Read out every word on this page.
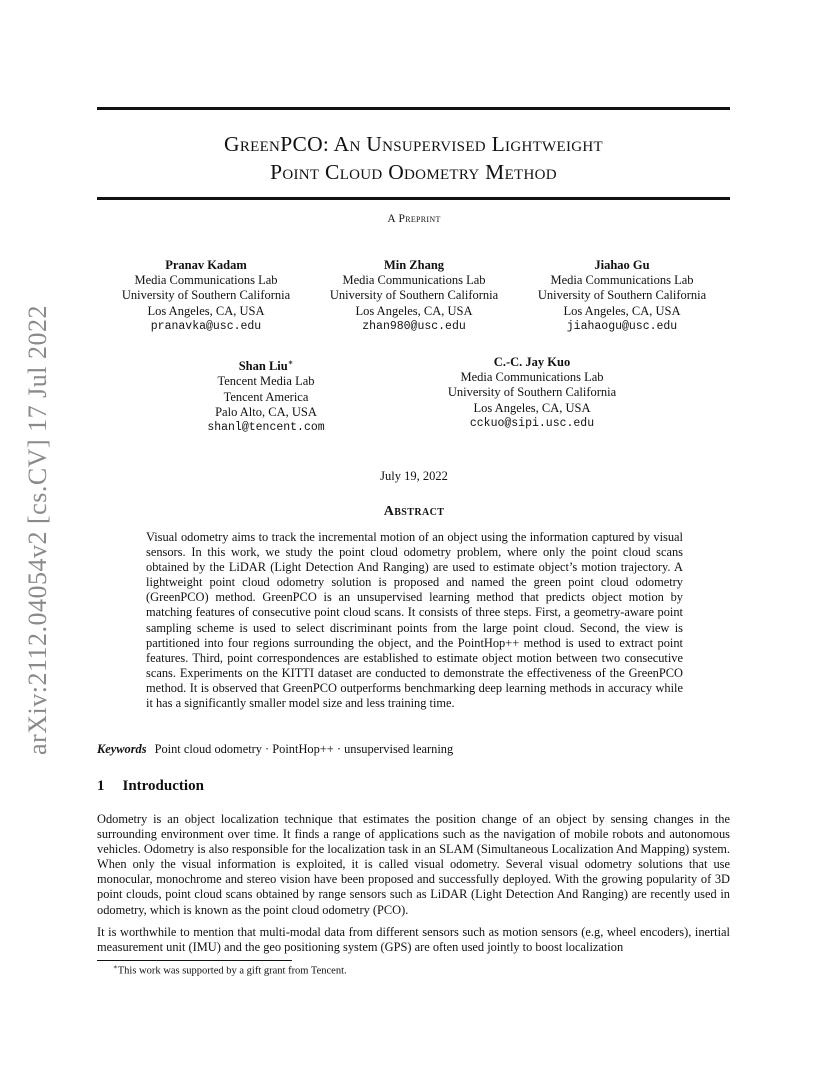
arXiv:2112.04054v2 [cs.CV] 17 Jul 2022
GreenPCO: An Unsupervised Lightweight
Point Cloud Odometry Method
A Preprint
Pranav Kadam
Media Communications Lab
University of Southern California
Los Angeles, CA, USA
pranavka@usc.edu
Min Zhang
Media Communications Lab
University of Southern California
Los Angeles, CA, USA
zhan980@usc.edu
Jiahao Gu
Media Communications Lab
University of Southern California
Los Angeles, CA, USA
jiahaogu@usc.edu
Shan Liu∗
Tencent Media Lab
Tencent America
Palo Alto, CA, USA
shanl@tencent.com
C.-C. Jay Kuo
Media Communications Lab
University of Southern California
Los Angeles, CA, USA
cckuo@sipi.usc.edu
July 19, 2022
Abstract
Visual odometry aims to track the incremental motion of an object using the information captured by visual sensors. In this work, we study the point cloud odometry problem, where only the point cloud scans obtained by the LiDAR (Light Detection And Ranging) are used to estimate object’s motion trajectory. A lightweight point cloud odometry solution is proposed and named the green point cloud odometry (GreenPCO) method. GreenPCO is an unsupervised learning method that predicts object motion by matching features of consecutive point cloud scans. It consists of three steps. First, a geometry-aware point sampling scheme is used to select discriminant points from the large point cloud. Second, the view is partitioned into four regions surrounding the object, and the PointHop++ method is used to extract point features. Third, point correspondences are established to estimate object motion between two consecutive scans. Experiments on the KITTI dataset are conducted to demonstrate the effectiveness of the GreenPCO method. It is observed that GreenPCO outperforms benchmarking deep learning methods in accuracy while it has a significantly smaller model size and less training time.
Keywords Point cloud odometry · PointHop++ · unsupervised learning
1 Introduction
Odometry is an object localization technique that estimates the position change of an object by sensing changes in the surrounding environment over time. It finds a range of applications such as the navigation of mobile robots and autonomous vehicles. Odometry is also responsible for the localization task in an SLAM (Simultaneous Localization And Mapping) system. When only the visual information is exploited, it is called visual odometry. Several visual odometry solutions that use monocular, monochrome and stereo vision have been proposed and successfully deployed. With the growing popularity of 3D point clouds, point cloud scans obtained by range sensors such as LiDAR (Light Detection And Ranging) are recently used in odometry, which is known as the point cloud odometry (PCO).
It is worthwhile to mention that multi-modal data from different sensors such as motion sensors (e.g, wheel encoders), inertial measurement unit (IMU) and the geo positioning system (GPS) are often used jointly to boost localization
∗This work was supported by a gift grant from Tencent.
